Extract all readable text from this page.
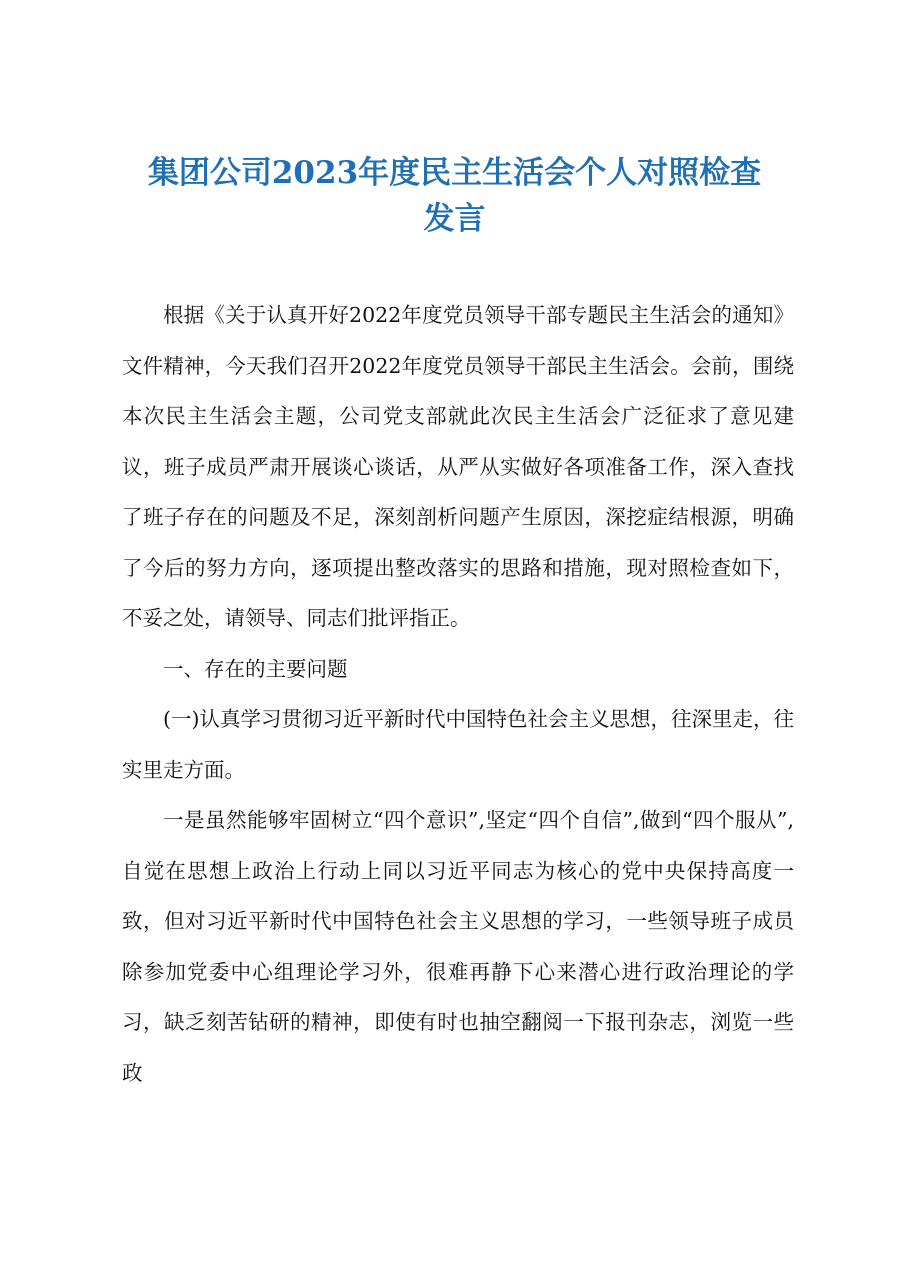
集团公司2023年度民主生活会个人对照检查
发言

根据《关于认真开好2022年度党员领导干部专题民主生活会的通知》文件精神，今天我们召开2022年度党员领导干部民主生活会。会前，围绕本次民主生活会主题，公司党支部就此次民主生活会广泛征求了意见建议，班子成员严肃开展谈心谈话，从严从实做好各项准备工作，深入查找了班子存在的问题及不足，深刻剖析问题产生原因，深挖症结根源，明确了今后的努力方向，逐项提出整改落实的思路和措施，现对照检查如下，不妥之处，请领导、同志们批评指正。

一、存在的主要问题

(一)认真学习贯彻习近平新时代中国特色社会主义思想，往深里走，往实里走方面。

一是虽然能够牢固树立“四个意识”,坚定“四个自信”,做到“四个服从”,自觉在思想上政治上行动上同以习近平同志为核心的党中央保持高度一致，但对习近平新时代中国特色社会主义思想的学习，一些领导班子成员除参加党委中心组理论学习外，很难再静下心来潜心进行政治理论的学习，缺乏刻苦钻研的精神，即使有时也抽空翻阅一下报刊杂志，浏览一些政
